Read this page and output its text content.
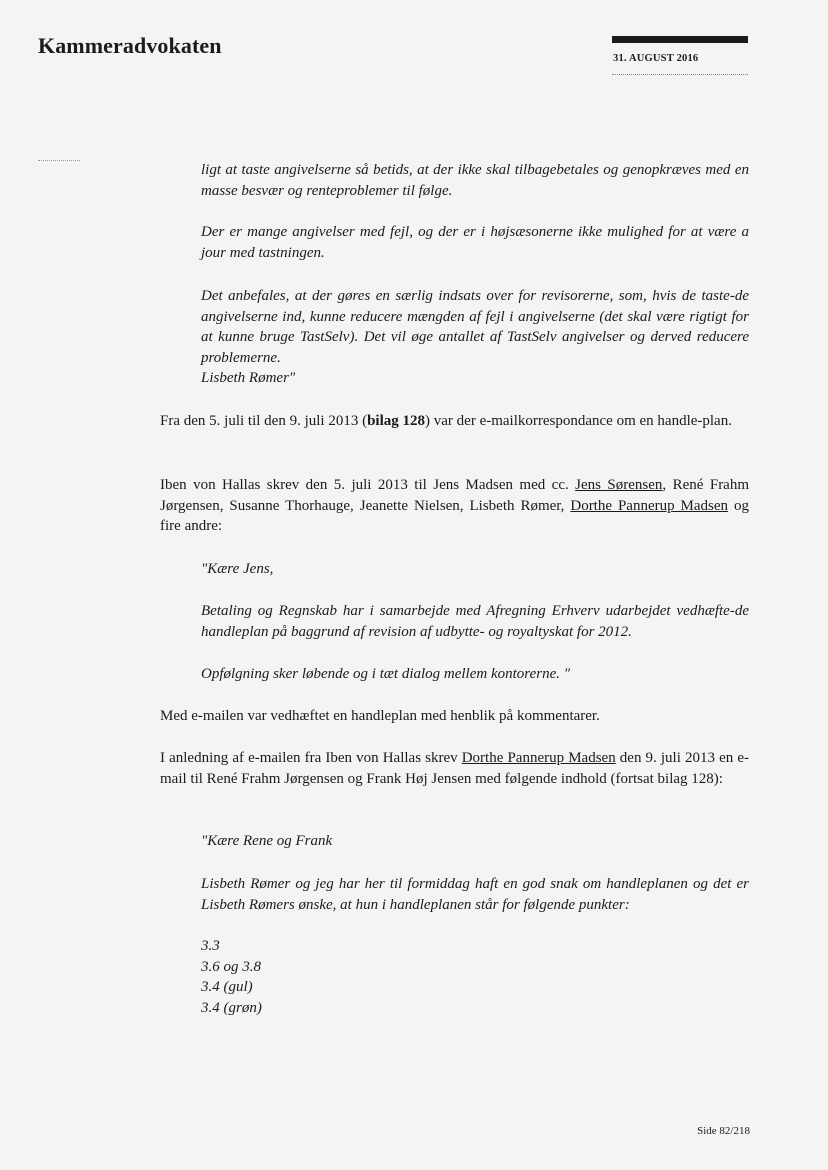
Kammeradvokaten
31. AUGUST 2016

ligt at taste angivelserne så betids, at der ikke skal tilbagebetales og genopkræves med en masse besvær og renteproblemer til følge.

Der er mange angivelser med fejl, og der er i højsæsonerne ikke mulighed for at være a jour med tastningen.

Det anbefales, at der gøres en særlig indsats over for revisorerne, som, hvis de taste-de angivelserne ind, kunne reducere mængden af fejl i angivelserne (det skal være rigtigt for at kunne bruge TastSelv). Det vil øge antallet af TastSelv angivelser og derved reducere problemerne.

Lisbeth Rømer"

Fra den 5. juli til den 9. juli 2013 (bilag 128) var der e-mailkorrespondance om en handle-plan.

Iben von Hallas skrev den 5. juli 2013 til Jens Madsen med cc. Jens Sørensen, René Frahm Jørgensen, Susanne Thorhauge, Jeanette Nielsen, Lisbeth Rømer, Dorthe Pannerup Madsen og fire andre:

"Kære Jens,

Betaling og Regnskab har i samarbejde med Afregning Erhverv udarbejdet vedhæfte-de handleplan på baggrund af revision af udbytte- og royaltyskat for 2012.

Opfølgning sker løbende og i tæt dialog mellem kontorerne. "

Med e-mailen var vedhæftet en handleplan med henblik på kommentarer.

I anledning af e-mailen fra Iben von Hallas skrev Dorthe Pannerup Madsen den 9. juli 2013 en e-mail til René Frahm Jørgensen og Frank Høj Jensen med følgende indhold (fortsat bilag 128):

"Kære Rene og Frank

Lisbeth Rømer og jeg har her til formiddag haft en god snak om handleplanen og det er Lisbeth Rømers ønske, at hun i handleplanen står for følgende punkter:

3.3
3.6 og 3.8
3.4 (gul)
3.4 (grøn)
Side 82/218
